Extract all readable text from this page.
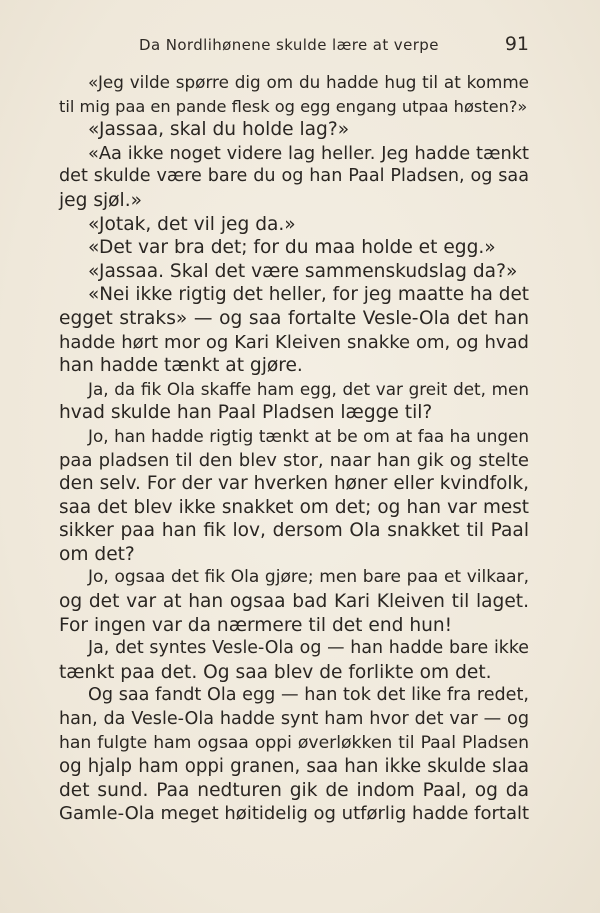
Da Nordlihønene skulde lære at verpe	91
«Jeg vilde spørre dig om du hadde hug til at komme
til mig paa en pande flesk og egg engang utpaa høsten?»
«Jassaa, skal du holde lag?»
«Aa ikke noget videre lag heller. Jeg hadde tænkt
det skulde være bare du og han Paal Pladsen, og saa
jeg sjøl.»
«Jotak, det vil jeg da.»
«Det var bra det; for du maa holde et egg.»
«Jassaa. Skal det være sammenskudslag da?»
«Nei ikke rigtig det heller, for jeg maatte ha det
egget straks» — og saa fortalte Vesle-Ola det han
hadde hørt mor og Kari Kleiven snakke om, og hvad
han hadde tænkt at gjøre.
Ja, da fik Ola skaffe ham egg, det var greit det, men
hvad skulde han Paal Pladsen lægge til?
Jo, han hadde rigtig tænkt at be om at faa ha ungen
paa pladsen til den blev stor, naar han gik og stelte
den selv. For der var hverken høner eller kvindfolk,
saa det blev ikke snakket om det; og han var mest
sikker paa han fik lov, dersom Ola snakket til Paal
om det?
Jo, ogsaa det fik Ola gjøre; men bare paa et vilkaar,
og det var at han ogsaa bad Kari Kleiven til laget.
For ingen var da nærmere til det end hun!
Ja, det syntes Vesle-Ola og — han hadde bare ikke
tænkt paa det. Og saa blev de forlikte om det.
Og saa fandt Ola egg — han tok det like fra redet,
han, da Vesle-Ola hadde synt ham hvor det var — og
han fulgte ham ogsaa oppi øverløkken til Paal Pladsen
og hjalp ham oppi granen, saa han ikke skulde slaa
det sund. Paa nedturen gik de indom Paal, og da
Gamle-Ola meget høitidelig og utførlig hadde fortalt
